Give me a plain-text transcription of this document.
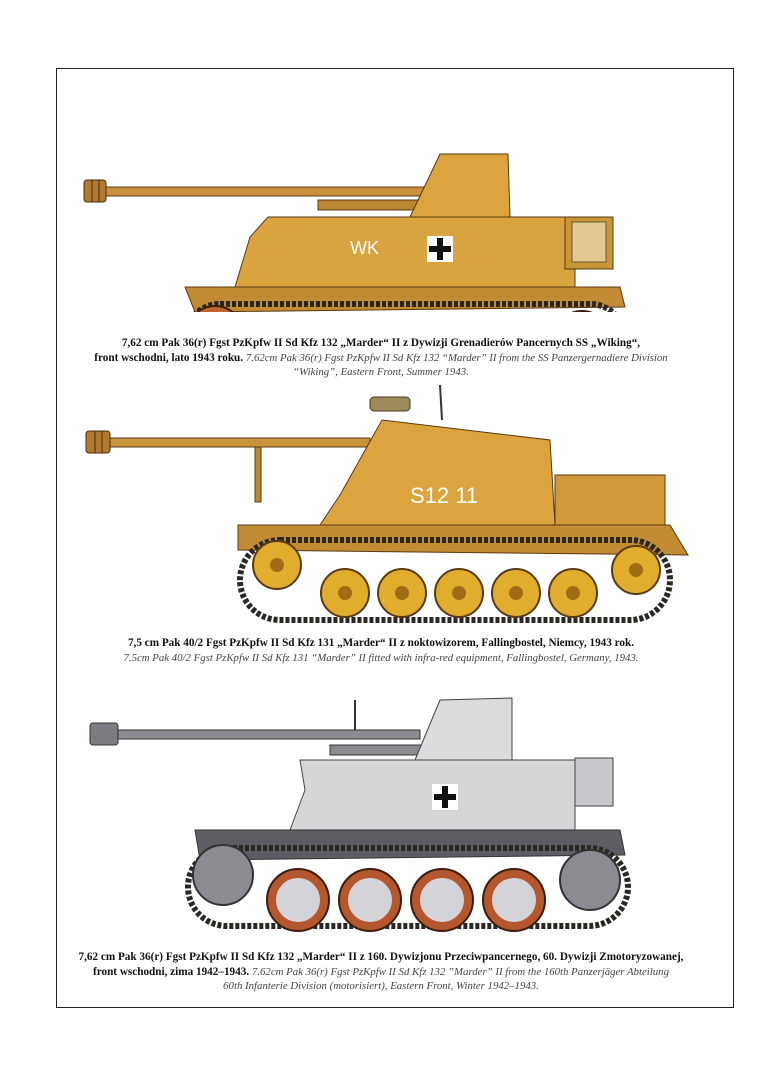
WK
7,62 cm Pak 36(r) Fgst PzKpfw II Sd Kfz 132 „Marder“ II z Dywizji Grenadierów Pancernych SS „Wiking“,
front wschodni, lato 1943 roku. 7.62cm Pak 36(r) Fgst PzKpfw II Sd Kfz 132 “Marder” II from the SS Panzergernadiere Division
“Wiking”, Eastern Front, Summer 1943.
S12 11
7,5 cm Pak 40/2 Fgst PzKpfw II Sd Kfz 131 „Marder“ II z noktowizorem, Fallingbostel, Niemcy, 1943 rok.
7.5cm Pak 40/2 Fgst PzKpfw II Sd Kfz 131 “Marder” II fitted with infra-red equipment, Fallingbostel, Germany, 1943.
7,62 cm Pak 36(r) Fgst PzKpfw II Sd Kfz 132 „Marder“ II z 160. Dywizjonu Przeciwpancernego, 60. Dywizji Zmotoryzowanej,
front wschodni, zima 1942–1943. 7.62cm Pak 36(r) Fgst PzKpfw II Sd Kfz 132 ”Marder” II from the 160th Panzerjäger Abteilung
60th Infanterie Division (motorisiert), Eastern Front, Winter 1942–1943.
